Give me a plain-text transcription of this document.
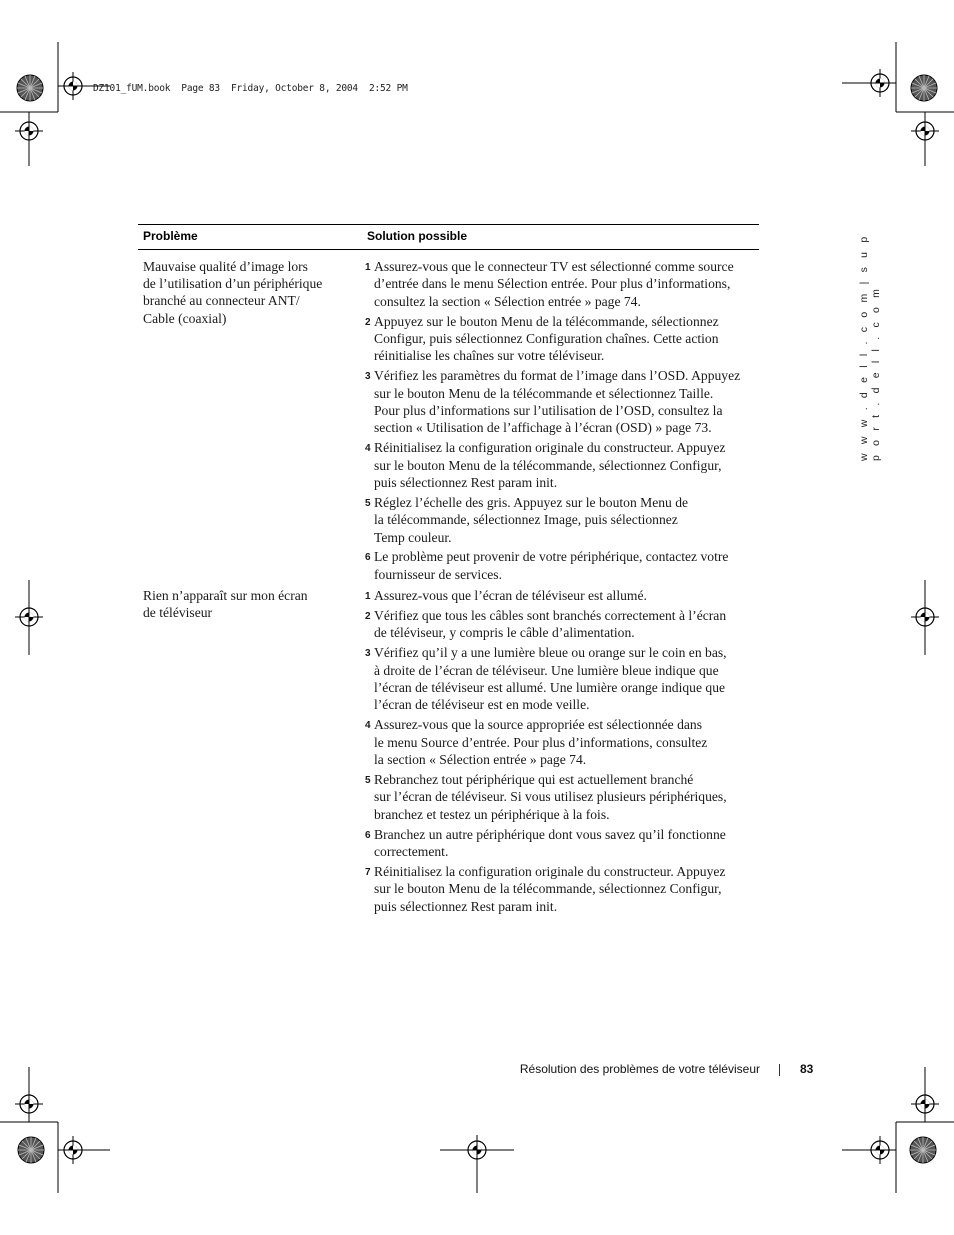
DZ101_fUM.book  Page 83  Friday, October 8, 2004  2:52 PM
w w w . d e l l . c o m | s u p p o r t . d e l l . c o m
Problème	Solution possible
Mauvaise qualité d’image lors
de l’utilisation d’un périphérique
branché au connecteur ANT/
Cable (coaxial)
1 Assurez-vous que le connecteur TV est sélectionné comme source
d’entrée dans le menu Sélection entrée. Pour plus d’informations,
consultez la section « Sélection entrée » page 74.
2 Appuyez sur le bouton Menu de la télécommande, sélectionnez
Configur, puis sélectionnez Configuration chaînes. Cette action
réinitialise les chaînes sur votre téléviseur.
3 Vérifiez les paramètres du format de l’image dans l’OSD. Appuyez
sur le bouton Menu de la télécommande et sélectionnez Taille.
Pour plus d’informations sur l’utilisation de l’OSD, consultez la
section « Utilisation de l’affichage à l’écran (OSD) » page 73.
4 Réinitialisez la configuration originale du constructeur. Appuyez
sur le bouton Menu de la télécommande, sélectionnez Configur,
puis sélectionnez Rest param init.
5 Réglez l’échelle des gris. Appuyez sur le bouton Menu de
la télécommande, sélectionnez Image, puis sélectionnez
Temp couleur.
6 Le problème peut provenir de votre périphérique, contactez votre
fournisseur de services.
Rien n’apparaît sur mon écran
de téléviseur
1 Assurez-vous que l’écran de téléviseur est allumé.
2 Vérifiez que tous les câbles sont branchés correctement à l’écran
de téléviseur, y compris le câble d’alimentation.
3 Vérifiez qu’il y a une lumière bleue ou orange sur le coin en bas,
à droite de l’écran de téléviseur. Une lumière bleue indique que
l’écran de téléviseur est allumé. Une lumière orange indique que
l’écran de téléviseur est en mode veille.
4 Assurez-vous que la source appropriée est sélectionnée dans
le menu Source d’entrée. Pour plus d’informations, consultez
la section « Sélection entrée » page 74.
5 Rebranchez tout périphérique qui est actuellement branché
sur l’écran de téléviseur. Si vous utilisez plusieurs périphériques,
branchez et testez un périphérique à la fois.
6 Branchez un autre périphérique dont vous savez qu’il fonctionne
correctement.
7 Réinitialisez la configuration originale du constructeur. Appuyez
sur le bouton Menu de la télécommande, sélectionnez Configur,
puis sélectionnez Rest param init.
Résolution des problèmes de votre téléviseur	83
